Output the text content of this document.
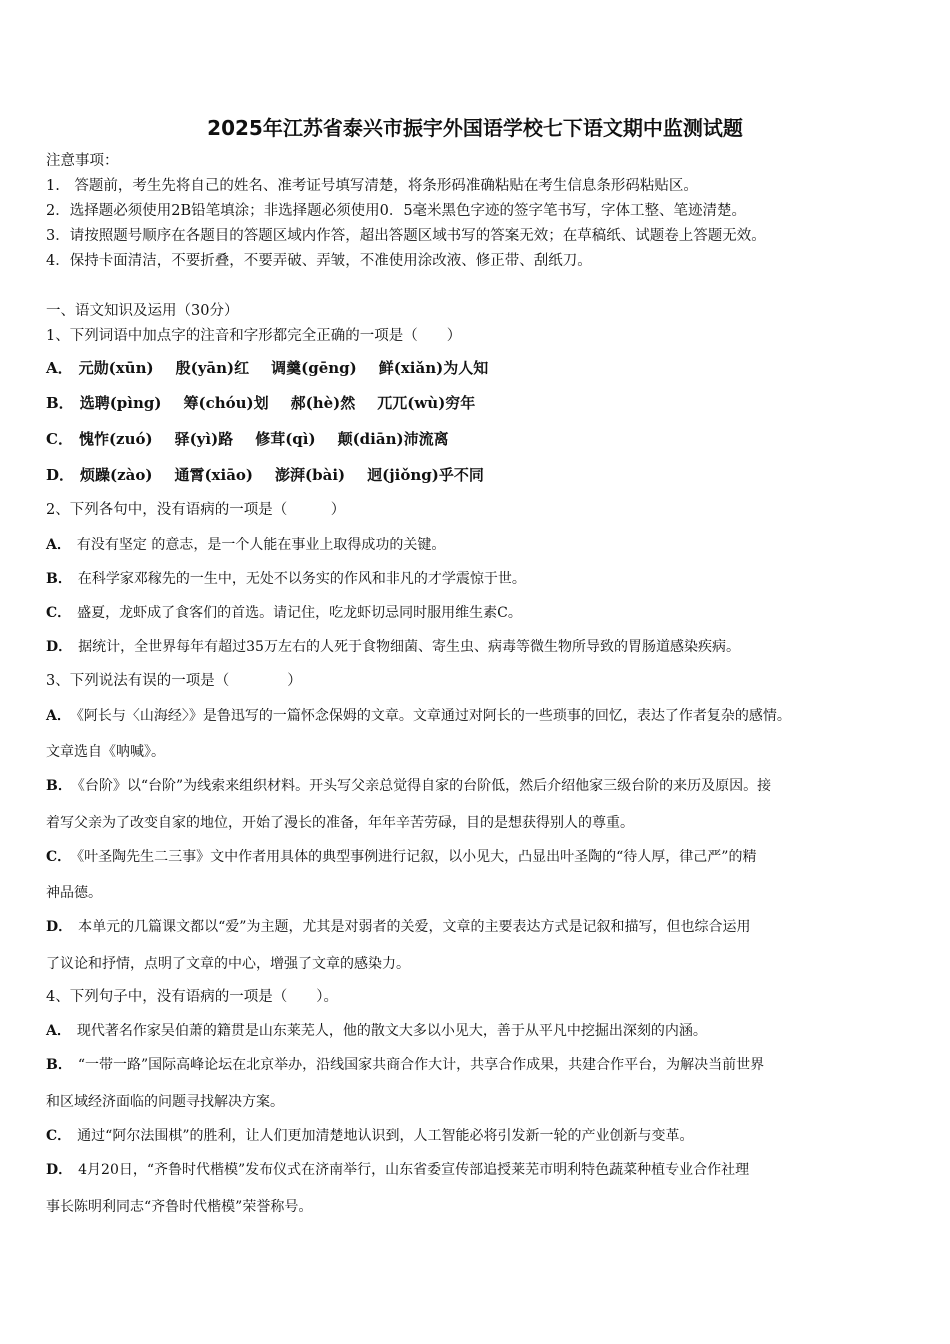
2025年江苏省泰兴市振宇外国语学校七下语文期中监测试题
注意事项：
1.　答题前，考生先将自己的姓名、准考证号填写清楚，将条形码准确粘贴在考生信息条形码粘贴区。
2．选择题必须使用2B铅笔填涂；非选择题必须使用0．5毫米黑色字迹的签字笔书写，字体工整、笔迹清楚。
3．请按照题号顺序在各题目的答题区域内作答，超出答题区域书写的答案无效；在草稿纸、试题卷上答题无效。
4．保持卡面清洁，不要折叠，不要弄破、弄皱，不准使用涂改液、修正带、刮纸刀。
一、语文知识及运用（30分）
1、下列词语中加点字的注音和字形都完全正确的一项是（　　）
A． 元勋(xūn) 殷(yān)红 调羹(gēng) 鲜(xiǎn)为人知
B． 选聘(pìng) 筹(chóu)划 郝(hè)然 兀兀(wù)穷年
C． 愧怍(zuó) 驿(yì)路 修茸(qì) 颠(diān)沛流离
D． 烦躁(zào) 通霄(xiāo) 澎湃(bài) 迥(jiǒng)乎不同
2、下列各句中，没有语病的一项是（　　　）
A． 有没有坚定 的意志，是一个人能在事业上取得成功的关键。
B． 在科学家邓稼先的一生中，无处不以务实的作风和非凡的才学震惊于世。
C． 盛夏，龙虾成了食客们的首选。请记住，吃龙虾切忌同时服用维生素C。
D． 据统计，全世界每年有超过35万左右的人死于食物细菌、寄生虫、病毒等微生物所导致的胃肠道感染疾病。
3、下列说法有误的一项是（　　　　）
A． 《阿长与〈山海经〉》是鲁迅写的一篇怀念保姆的文章。文章通过对阿长的一些琐事的回忆，表达了作者复杂的感情。
文章选自《呐喊》。
B． 《台阶》以“台阶”为线索来组织材料。开头写父亲总觉得自家的台阶低，然后介绍他家三级台阶的来历及原因。接
着写父亲为了改变自家的地位，开始了漫长的准备，年年辛苦劳碌，目的是想获得别人的尊重。
C． 《叶圣陶先生二三事》文中作者用具体的典型事例进行记叙，以小见大，凸显出叶圣陶的“待人厚，律己严”的精
神品德。
D． 本单元的几篇课文都以“爱”为主题，尤其是对弱者的关爱，文章的主要表达方式是记叙和描写，但也综合运用
了议论和抒情，点明了文章的中心，增强了文章的感染力。
4、下列句子中，没有语病的一项是（　　）。
A． 现代著名作家吴伯萧的籍贯是山东莱芜人，他的散文大多以小见大，善于从平凡中挖掘出深刻的内涵。
B． “一带一路”国际高峰论坛在北京举办，沿线国家共商合作大计，共享合作成果，共建合作平台，为解决当前世界
和区域经济面临的问题寻找解决方案。
C． 通过“阿尔法围棋”的胜利，让人们更加清楚地认识到，人工智能必将引发新一轮的产业创新与变革。
D． 4月20日，“齐鲁时代楷模”发布仪式在济南举行，山东省委宣传部追授莱芜市明利特色蔬菜种植专业合作社理
事长陈明利同志“齐鲁时代楷模”荣誉称号。
